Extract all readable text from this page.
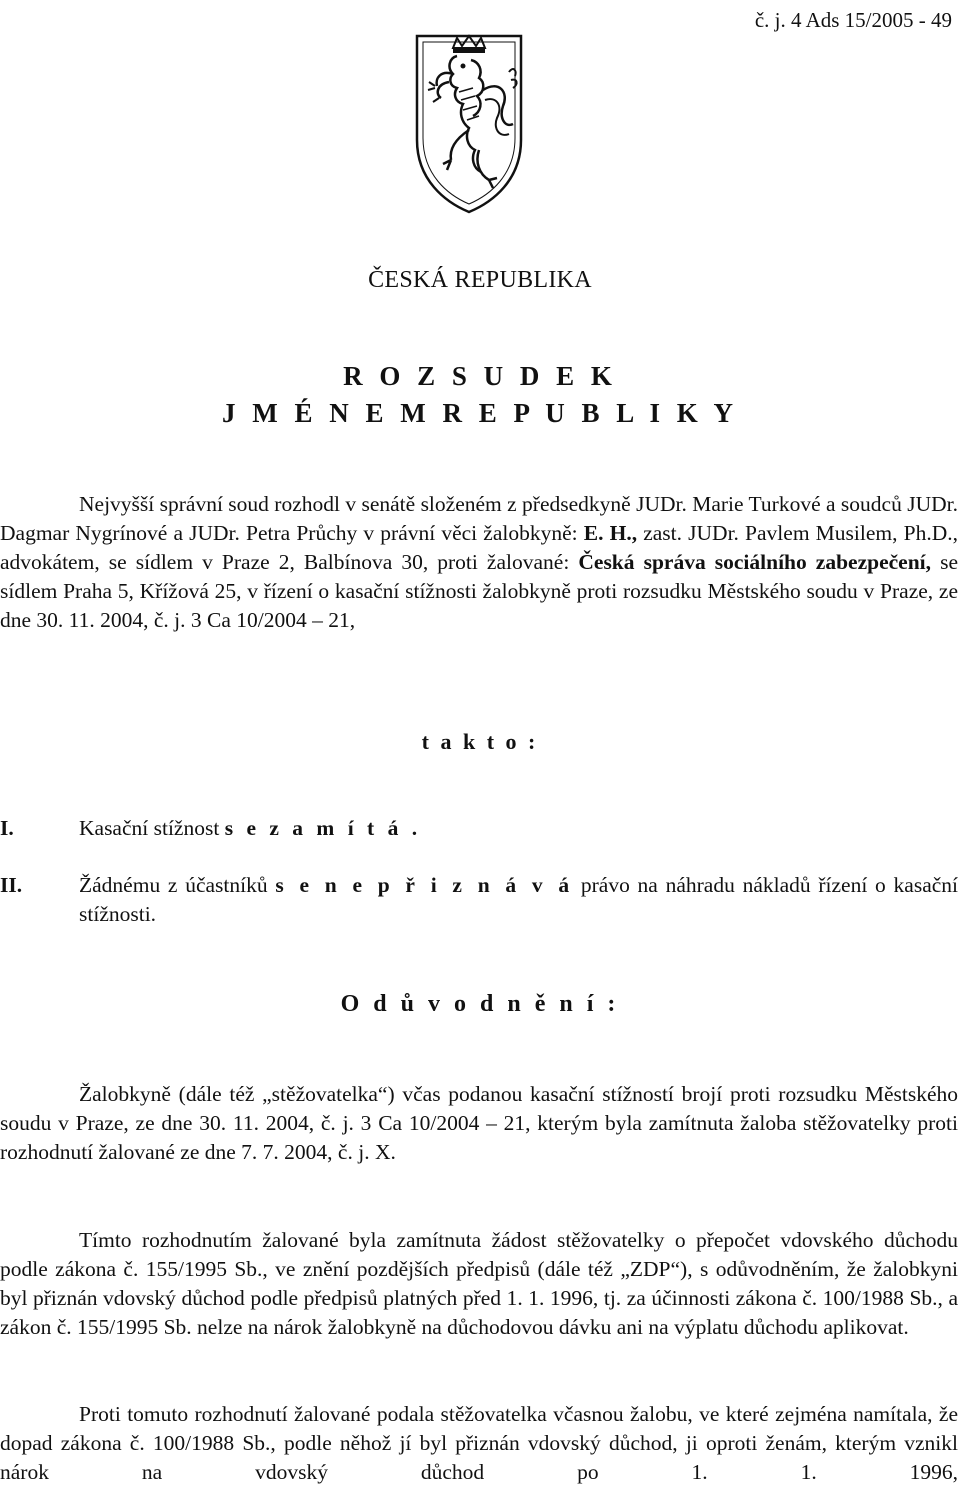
č. j. 4 Ads 15/2005 - 49
ČESKÁ REPUBLIKA
R O Z S U D E K
J M É N E M R E P U B L I K Y

Nejvyšší správní soud rozhodl v senátě složeném z předsedkyně JUDr. Marie Turkové a soudců JUDr. Dagmar Nygrínové a JUDr. Petra Průchy v právní věci žalobkyně: E. H., zast. JUDr. Pavlem Musilem, Ph.D., advokátem, se sídlem v Praze 2, Balbínova 30, proti žalované: Česká správa sociálního zabezpečení, se sídlem Praha 5, Křížová 25, v řízení o kasační stížnosti žalobkyně proti rozsudku Městského soudu v Praze, ze dne 30. 11. 2004, č. j. 3 Ca 10/2004 – 21,

t a k t o :
I.	Kasační stížnost s e z a m í t á .
II.	Žádnému z účastníků s e n e p ř i z n á v á právo na náhradu nákladů řízení o kasační stížnosti.
O d ů v o d n ě n í :

Žalobkyně (dále též „stěžovatelka“) včas podanou kasační stížností brojí proti rozsudku Městského soudu v Praze, ze dne 30. 11. 2004, č. j. 3 Ca 10/2004 – 21, kterým byla zamítnuta žaloba stěžovatelky proti rozhodnutí žalované ze dne 7. 7. 2004, č. j. X.

Tímto rozhodnutím žalované byla zamítnuta žádost stěžovatelky o přepočet vdovského důchodu podle zákona č. 155/1995 Sb., ve znění pozdějších předpisů (dále též „ZDP“), s odůvodněním, že žalobkyni byl přiznán vdovský důchod podle předpisů platných před 1. 1. 1996, tj. za účinnosti zákona č. 100/1988 Sb., a zákon č. 155/1995 Sb. nelze na nárok žalobkyně na důchodovou dávku ani na výplatu důchodu aplikovat.

Proti tomuto rozhodnutí žalované podala stěžovatelka včasnou žalobu, ve které zejména namítala, že dopad zákona č. 100/1988 Sb., podle něhož jí byl přiznán vdovský důchod, ji oproti ženám, kterým vznikl nárok na vdovský důchod po 1. 1. 1996,
